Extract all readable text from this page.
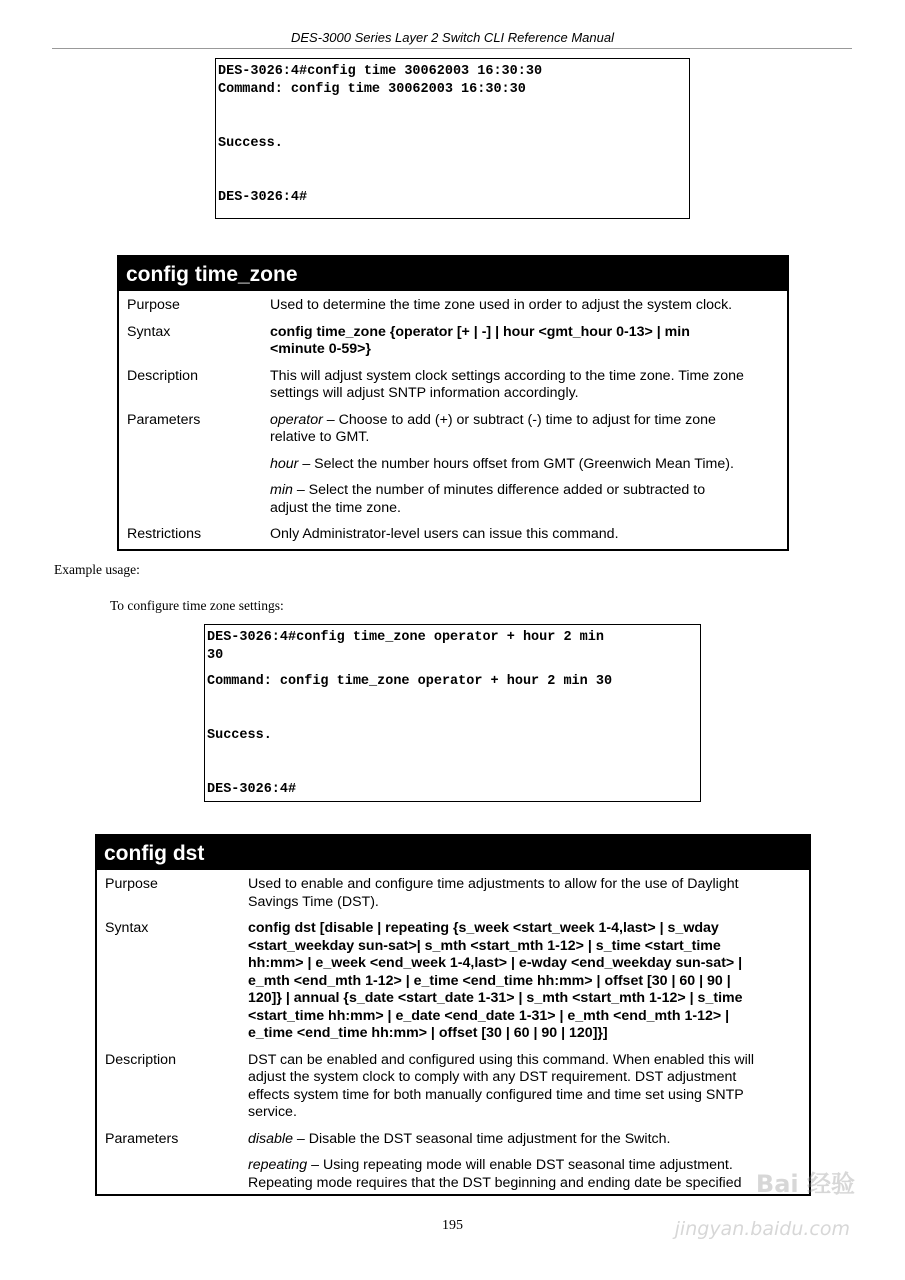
DES-3000 Series Layer 2 Switch CLI Reference Manual
DES-3026:4#config time 30062003 16:30:30
Command: config time 30062003 16:30:30

Success.

DES-3026:4#
config time_zone
Purpose	Used to determine the time zone used in order to adjust the system clock.
Syntax	config time_zone {operator [+ | -] | hour <gmt_hour 0-13> | min
<minute 0-59>}
Description	This will adjust system clock settings according to the time zone. Time zone
settings will adjust SNTP information accordingly.
Parameters	operator – Choose to add (+) or subtract (-) time to adjust for time zone
relative to GMT.
hour – Select the number hours offset from GMT (Greenwich Mean Time).
min – Select the number of minutes difference added or subtracted to
adjust the time zone.
Restrictions	Only Administrator-level users can issue this command.
Example usage:
To configure time zone settings:
DES-3026:4#config time_zone operator + hour 2 min
30
Command: config time_zone operator + hour 2 min 30

Success.

DES-3026:4#
config dst
Purpose	Used to enable and configure time adjustments to allow for the use of Daylight
Savings Time (DST).
Syntax	config dst [disable | repeating {s_week <start_week 1-4,last> | s_wday
<start_weekday sun-sat>| s_mth <start_mth 1-12> | s_time <start_time
hh:mm> | e_week <end_week 1-4,last> | e-wday <end_weekday sun-sat> |
e_mth <end_mth 1-12> | e_time <end_time hh:mm> | offset [30 | 60 | 90 |
120]} | annual {s_date <start_date 1-31> | s_mth <start_mth 1-12> | s_time
<start_time hh:mm> | e_date <end_date 1-31> | e_mth <end_mth 1-12> |
e_time <end_time hh:mm> | offset [30 | 60 | 90 | 120]}]
Description	DST can be enabled and configured using this command. When enabled this will
adjust the system clock to comply with any DST requirement. DST adjustment
effects system time for both manually configured time and time set using SNTP
service.
Parameters	disable – Disable the DST seasonal time adjustment for the Switch.
repeating – Using repeating mode will enable DST seasonal time adjustment.
Repeating mode requires that the DST beginning and ending date be specified
195
Bai 经验
jingyan.baidu.com
